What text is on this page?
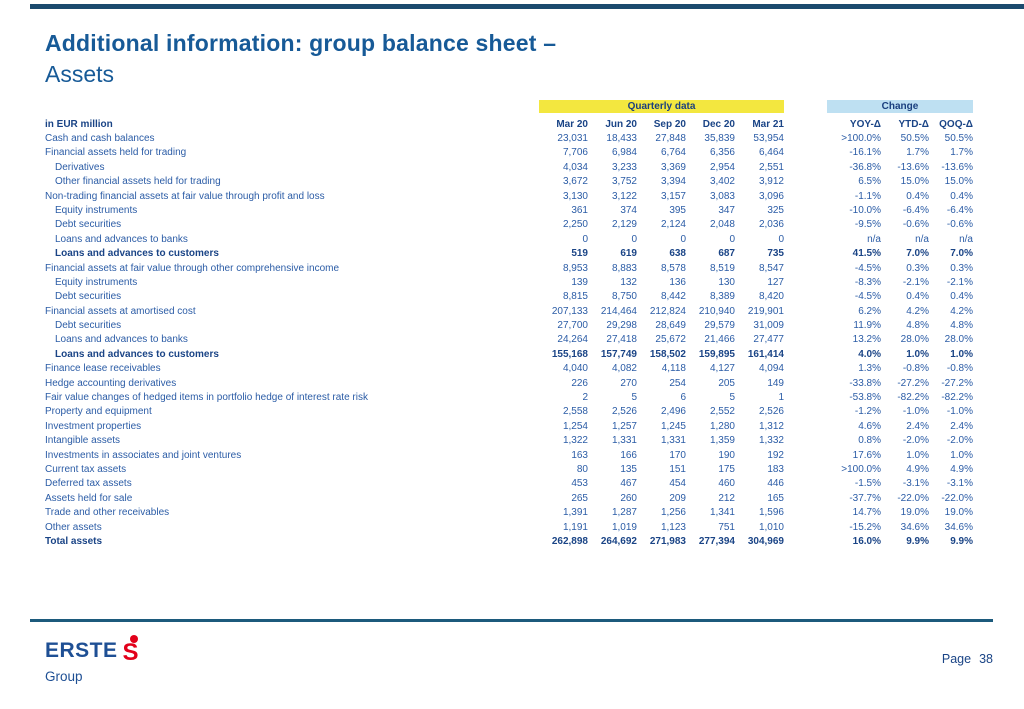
Additional information: group balance sheet –
Assets
Quarterly data	Change
in EUR million	Mar 20	Jun 20	Sep 20	Dec 20	Mar 21	YOY-Δ	YTD-Δ	QOQ-Δ
Cash and cash balances	23,031	18,433	27,848	35,839	53,954	>100.0%	50.5%	50.5%
Financial assets held for trading	7,706	6,984	6,764	6,356	6,464	-16.1%	1.7%	1.7%
Derivatives	4,034	3,233	3,369	2,954	2,551	-36.8%	-13.6%	-13.6%
Other financial assets held for trading	3,672	3,752	3,394	3,402	3,912	6.5%	15.0%	15.0%
Non-trading financial assets at fair value through profit and loss	3,130	3,122	3,157	3,083	3,096	-1.1%	0.4%	0.4%
Equity instruments	361	374	395	347	325	-10.0%	-6.4%	-6.4%
Debt securities	2,250	2,129	2,124	2,048	2,036	-9.5%	-0.6%	-0.6%
Loans and advances to banks	0	0	0	0	0	n/a	n/a	n/a
Loans and advances to customers	519	619	638	687	735	41.5%	7.0%	7.0%
Financial assets at fair value through other comprehensive income	8,953	8,883	8,578	8,519	8,547	-4.5%	0.3%	0.3%
Equity instruments	139	132	136	130	127	-8.3%	-2.1%	-2.1%
Debt securities	8,815	8,750	8,442	8,389	8,420	-4.5%	0.4%	0.4%
Financial assets at amortised cost	207,133	214,464	212,824	210,940	219,901	6.2%	4.2%	4.2%
Debt securities	27,700	29,298	28,649	29,579	31,009	11.9%	4.8%	4.8%
Loans and advances to banks	24,264	27,418	25,672	21,466	27,477	13.2%	28.0%	28.0%
Loans and advances to customers	155,168	157,749	158,502	159,895	161,414	4.0%	1.0%	1.0%
Finance lease receivables	4,040	4,082	4,118	4,127	4,094	1.3%	-0.8%	-0.8%
Hedge accounting derivatives	226	270	254	205	149	-33.8%	-27.2%	-27.2%
Fair value changes of hedged items in portfolio hedge of interest rate risk	2	5	6	5	1	-53.8%	-82.2%	-82.2%
Property and equipment	2,558	2,526	2,496	2,552	2,526	-1.2%	-1.0%	-1.0%
Investment properties	1,254	1,257	1,245	1,280	1,312	4.6%	2.4%	2.4%
Intangible assets	1,322	1,331	1,331	1,359	1,332	0.8%	-2.0%	-2.0%
Investments in associates and joint ventures	163	166	170	190	192	17.6%	1.0%	1.0%
Current tax assets	80	135	151	175	183	>100.0%	4.9%	4.9%
Deferred tax assets	453	467	454	460	446	-1.5%	-3.1%	-3.1%
Assets held for sale	265	260	209	212	165	-37.7%	-22.0%	-22.0%
Trade and other receivables	1,391	1,287	1,256	1,341	1,596	14.7%	19.0%	19.0%
Other assets	1,191	1,019	1,123	751	1,010	-15.2%	34.6%	34.6%
Total assets	262,898	264,692	271,983	277,394	304,969	16.0%	9.9%	9.9%
ERSTE S
Group
Page 38
